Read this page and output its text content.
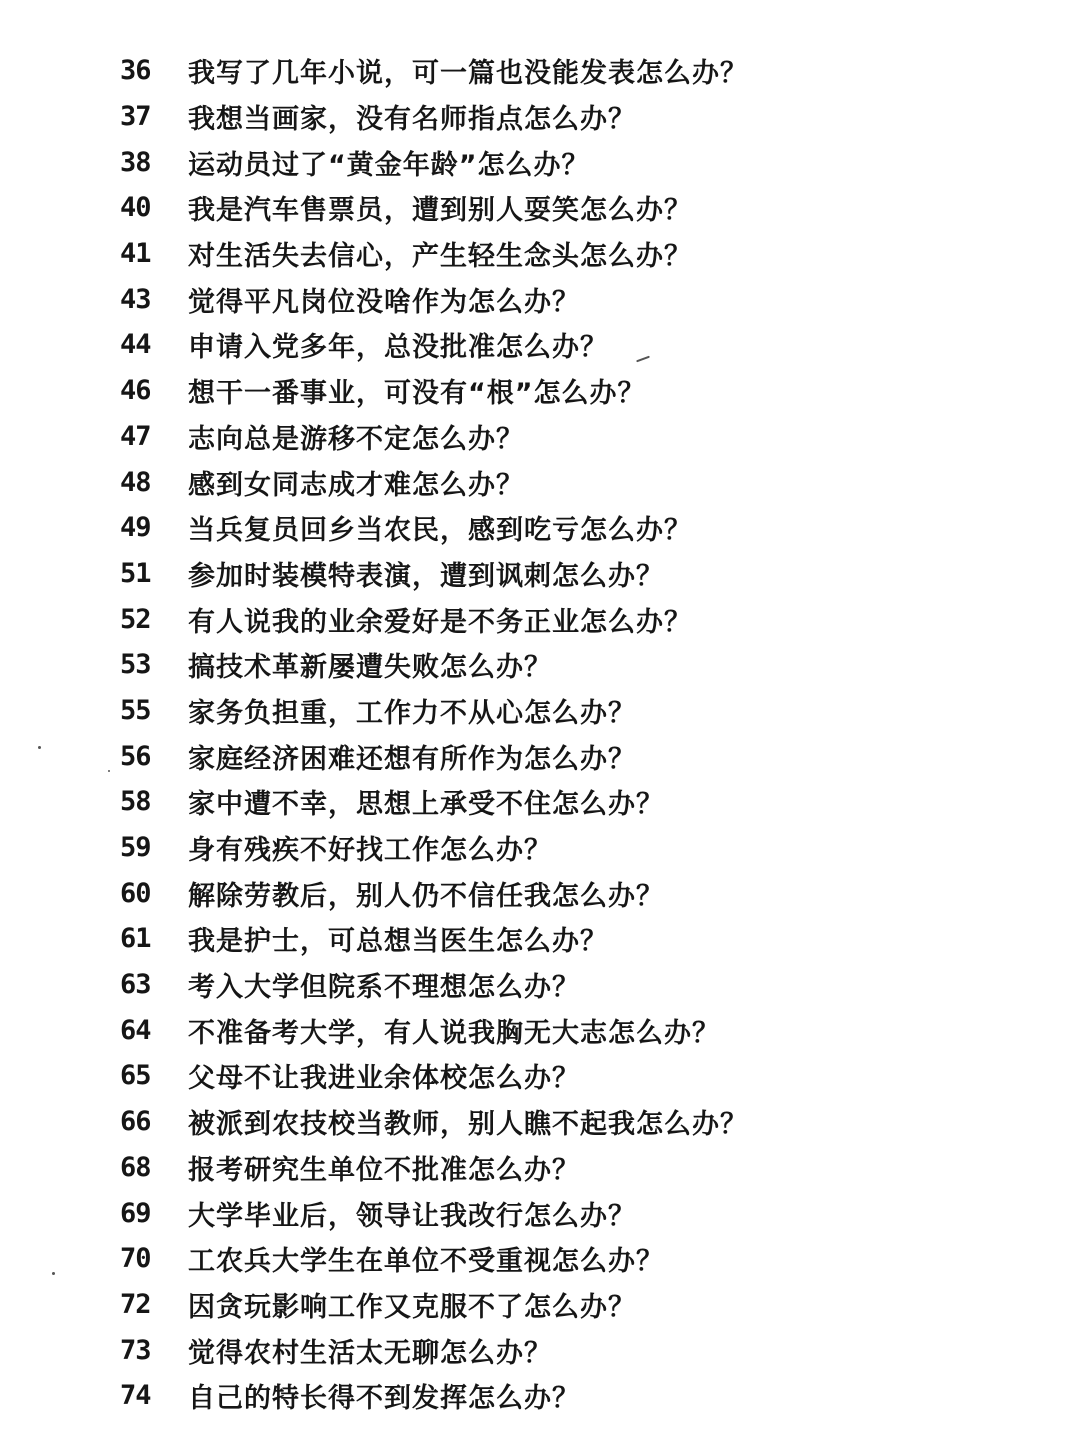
36	我写了几年小说，可一篇也没能发表怎么办？
37	我想当画家，没有名师指点怎么办？
38	运动员过了“黄金年龄”怎么办？
40	我是汽车售票员，遭到别人耍笑怎么办？
41	对生活失去信心，产生轻生念头怎么办？
43	觉得平凡岗位没啥作为怎么办？
44	申请入党多年，总没批准怎么办？
46	想干一番事业，可没有“根”怎么办？
47	志向总是游移不定怎么办？
48	感到女同志成才难怎么办？
49	当兵复员回乡当农民，感到吃亏怎么办？
51	参加时装模特表演，遭到讽刺怎么办？
52	有人说我的业余爱好是不务正业怎么办？
53	搞技术革新屡遭失败怎么办？
55	家务负担重，工作力不从心怎么办？
56	家庭经济困难还想有所作为怎么办？
58	家中遭不幸，思想上承受不住怎么办？
59	身有残疾不好找工作怎么办？
60	解除劳教后，别人仍不信任我怎么办？
61	我是护士，可总想当医生怎么办？
63	考入大学但院系不理想怎么办？
64	不准备考大学，有人说我胸无大志怎么办？
65	父母不让我进业余体校怎么办？
66	被派到农技校当教师，别人瞧不起我怎么办？
68	报考研究生单位不批准怎么办？
69	大学毕业后，领导让我改行怎么办？
70	工农兵大学生在单位不受重视怎么办？
72	因贪玩影响工作又克服不了怎么办？
73	觉得农村生活太无聊怎么办？
74	自己的特长得不到发挥怎么办？
